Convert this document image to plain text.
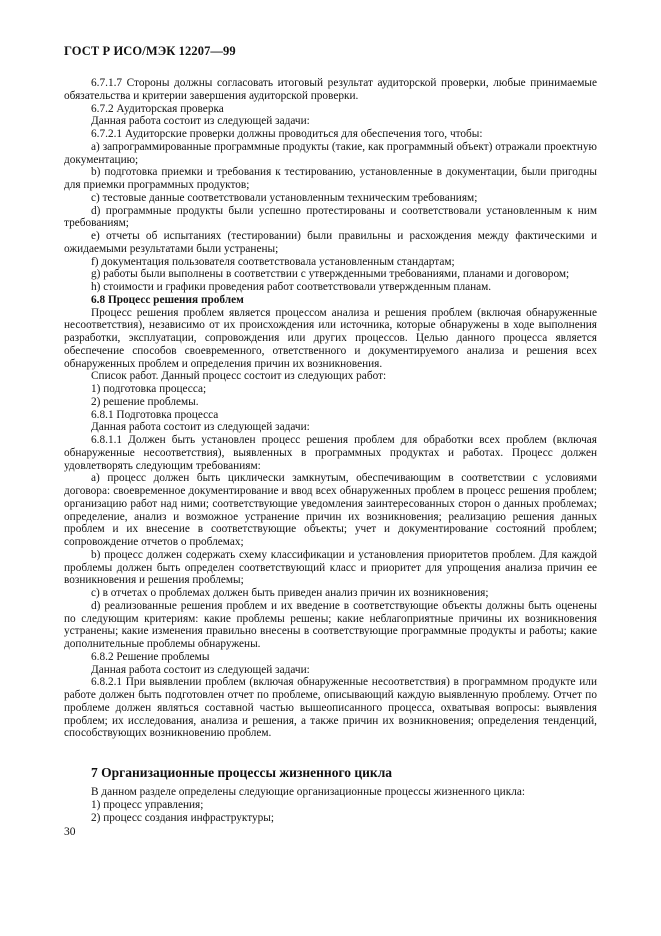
ГОСТ Р ИСО/МЭК 12207—99

6.7.1.7 Стороны должны согласовать итоговый результат аудиторской проверки, любые принимаемые обязательства и критерии завершения аудиторской проверки.

6.7.2 Аудиторская проверка

Данная работа состоит из следующей задачи:

6.7.2.1 Аудиторские проверки должны проводиться для обеспечения того, чтобы:

a) запрограммированные программные продукты (такие, как программный объект) отражали проектную документацию;

b) подготовка приемки и требования к тестированию, установленные в документации, были пригодны для приемки программных продуктов;

c) тестовые данные соответствовали установленным техническим требованиям;

d) программные продукты были успешно протестированы и соответствовали установленным к ним требованиям;

e) отчеты об испытаниях (тестировании) были правильны и расхождения между фактическими и ожидаемыми результатами были устранены;

f) документация пользователя соответствовала установленным стандартам;

g) работы были выполнены в соответствии с утвержденными требованиями, планами и договором;

h) стоимости и графики проведения работ соответствовали утвержденным планам.

6.8 Процесс решения проблем

Процесс решения проблем является процессом анализа и решения проблем (включая обнаруженные несоответствия), независимо от их происхождения или источника, которые обнаружены в ходе выполнения разработки, эксплуатации, сопровождения или других процессов. Целью данного процесса является обеспечение способов своевременного, ответственного и документируемого анализа и решения всех обнаруженных проблем и определения причин их возникновения.

Список работ. Данный процесс состоит из следующих работ:

1) подготовка процесса;

2) решение проблемы.

6.8.1 Подготовка процесса

Данная работа состоит из следующей задачи:

6.8.1.1 Должен быть установлен процесс решения проблем для обработки всех проблем (включая обнаруженные несоответствия), выявленных в программных продуктах и работах. Процесс должен удовлетворять следующим требованиям:

a) процесс должен быть циклически замкнутым, обеспечивающим в соответствии с условиями договора: своевременное документирование и ввод всех обнаруженных проблем в процесс решения проблем; организацию работ над ними; соответствующие уведомления заинтересованных сторон о данных проблемах; определение, анализ и возможное устранение причин их возникновения; реализацию решения данных проблем и их внесение в соответствующие объекты; учет и документирование состояний проблем; сопровождение отчетов о проблемах;

b) процесс должен содержать схему классификации и установления приоритетов проблем. Для каждой проблемы должен быть определен соответствующий класс и приоритет для упрощения анализа причин ее возникновения и решения проблемы;

c) в отчетах о проблемах должен быть приведен анализ причин их возникновения;

d) реализованные решения проблем и их введение в соответствующие объекты должны быть оценены по следующим критериям: какие проблемы решены; какие неблагоприятные причины их возникновения устранены; какие изменения правильно внесены в соответствующие программные продукты и работы; какие дополнительные проблемы обнаружены.

6.8.2 Решение проблемы

Данная работа состоит из следующей задачи:

6.8.2.1 При выявлении проблем (включая обнаруженные несоответствия) в программном продукте или работе должен быть подготовлен отчет по проблеме, описывающий каждую выявленную проблему. Отчет по проблеме должен являться составной частью вышеописанного процесса, охватывая вопросы: выявления проблем; их исследования, анализа и решения, а также причин их возникновения; определения тенденций, способствующих возникновению проблем.

7 Организационные процессы жизненного цикла

В данном разделе определены следующие организационные процессы жизненного цикла:

1) процесс управления;

2) процесс создания инфраструктуры;

30
